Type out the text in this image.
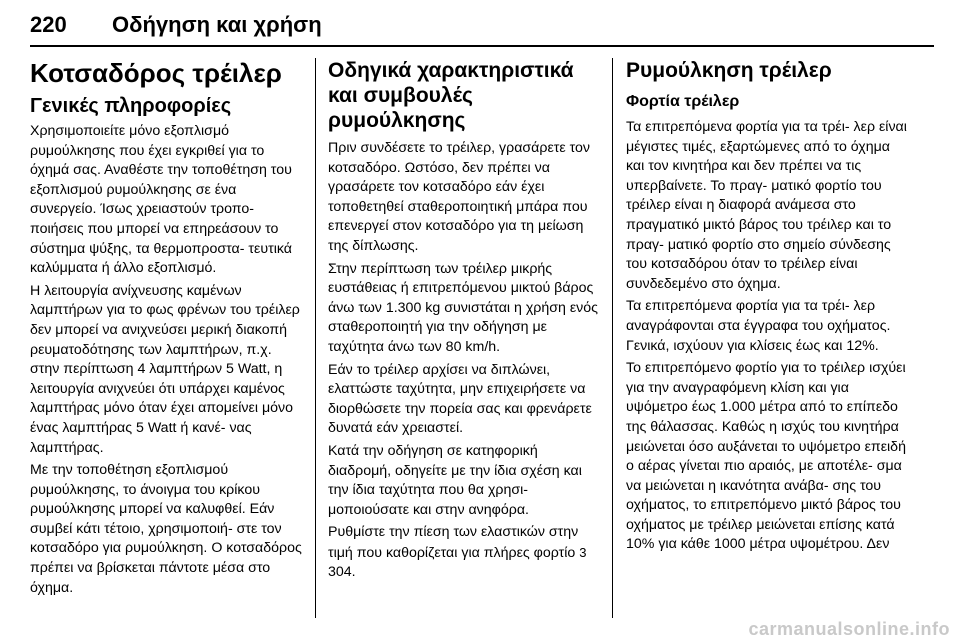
220 Οδήγηση και χρήση
Κοτσαδόρος τρέιλερ
Γενικές πληροφορίες

Χρησιμοποιείτε μόνο εξοπλισμό ρυμούλκησης που έχει εγκριθεί για το όχημά σας. Αναθέστε την τοποθέτηση του εξοπλισμού ρυμούλκησης σε ένα συνεργείο. Ίσως χρειαστούν τροπο- ποιήσεις που μπορεί να επηρεάσουν το σύστημα ψύξης, τα θερμοπροστα- τευτικά καλύμματα ή άλλο εξοπλισμό.

Η λειτουργία ανίχνευσης καμένων λαμπτήρων για το φως φρένων του τρέιλερ δεν μπορεί να ανιχνεύσει μερική διακοπή ρευματοδότησης των λαμπτήρων, π.χ. στην περίπτωση 4 λαμπτήρων 5 Watt, η λειτουργία ανιχνεύει ότι υπάρχει καμένος λαμπτήρας μόνο όταν έχει απομείνει μόνο ένας λαμπτήρας 5 Watt ή κανέ- νας λαμπτήρας.

Με την τοποθέτηση εξοπλισμού ρυμούλκησης, το άνοιγμα του κρίκου ρυμούλκησης μπορεί να καλυφθεί. Εάν συμβεί κάτι τέτοιο, χρησιμοποιή- στε τον κοτσαδόρο για ρυμούλκηση. Ο κοτσαδόρος πρέπει να βρίσκεται πάντοτε μέσα στο όχημα.

Οδηγικά χαρακτηριστικά και συμβουλές ρυμούλκησης

Πριν συνδέσετε το τρέιλερ, γρασάρετε τον κοτσαδόρο. Ωστόσο, δεν πρέπει να γρασάρετε τον κοτσαδόρο εάν έχει τοποθετηθεί σταθεροποιητική μπάρα που επενεργεί στον κοτσαδόρο για τη μείωση της δίπλωσης.

Στην περίπτωση των τρέιλερ μικρής ευστάθειας ή επιτρεπόμενου μικτού βάρος άνω των 1.300 kg συνιστάται η χρήση ενός σταθεροποιητή για την οδήγηση με ταχύτητα άνω των 80 km/h.

Εάν το τρέιλερ αρχίσει να διπλώνει, ελαττώστε ταχύτητα, μην επιχειρήσετε να διορθώσετε την πορεία σας και φρενάρετε δυνατά εάν χρειαστεί.

Κατά την οδήγηση σε κατηφορική διαδρομή, οδηγείτε με την ίδια σχέση και την ίδια ταχύτητα που θα χρησι- μοποιούσατε και στην ανηφόρα.

Ρυθμίστε την πίεση των ελαστικών στην τιμή που καθορίζεται για πλήρες φορτίο 3 304.

Ρυμούλκηση τρέιλερ
Φορτία τρέιλερ

Τα επιτρεπόμενα φορτία για τα τρέι- λερ είναι μέγιστες τιμές, εξαρτώμενες από το όχημα και τον κινητήρα και δεν πρέπει να τις υπερβαίνετε. Το πραγ- ματικό φορτίο του τρέιλερ είναι η διαφορά ανάμεσα στο πραγματικό μικτό βάρος του τρέιλερ και το πραγ- ματικό φορτίο στο σημείο σύνδεσης του κοτσαδόρου όταν το τρέιλερ είναι συνδεδεμένο στο όχημα.

Τα επιτρεπόμενα φορτία για τα τρέι- λερ αναγράφονται στα έγγραφα του οχήματος. Γενικά, ισχύουν για κλίσεις έως και 12%.

Το επιτρεπόμενο φορτίο για το τρέιλερ ισχύει για την αναγραφόμενη κλίση και για υψόμετρο έως 1.000 μέτρα από το επίπεδο της θάλασσας. Καθώς η ισχύς του κινητήρα μειώνεται όσο αυξάνεται το υψόμετρο επειδή ο αέρας γίνεται πιο αραιός, με αποτέλε- σμα να μειώνεται η ικανότητα ανάβα- σης του οχήματος, το επιτρεπόμενο μικτό βάρος του οχήματος με τρέιλερ μειώνεται επίσης κατά 10% για κάθε 1000 μέτρα υψομέτρου. Δεν

carmanualsonline.info
